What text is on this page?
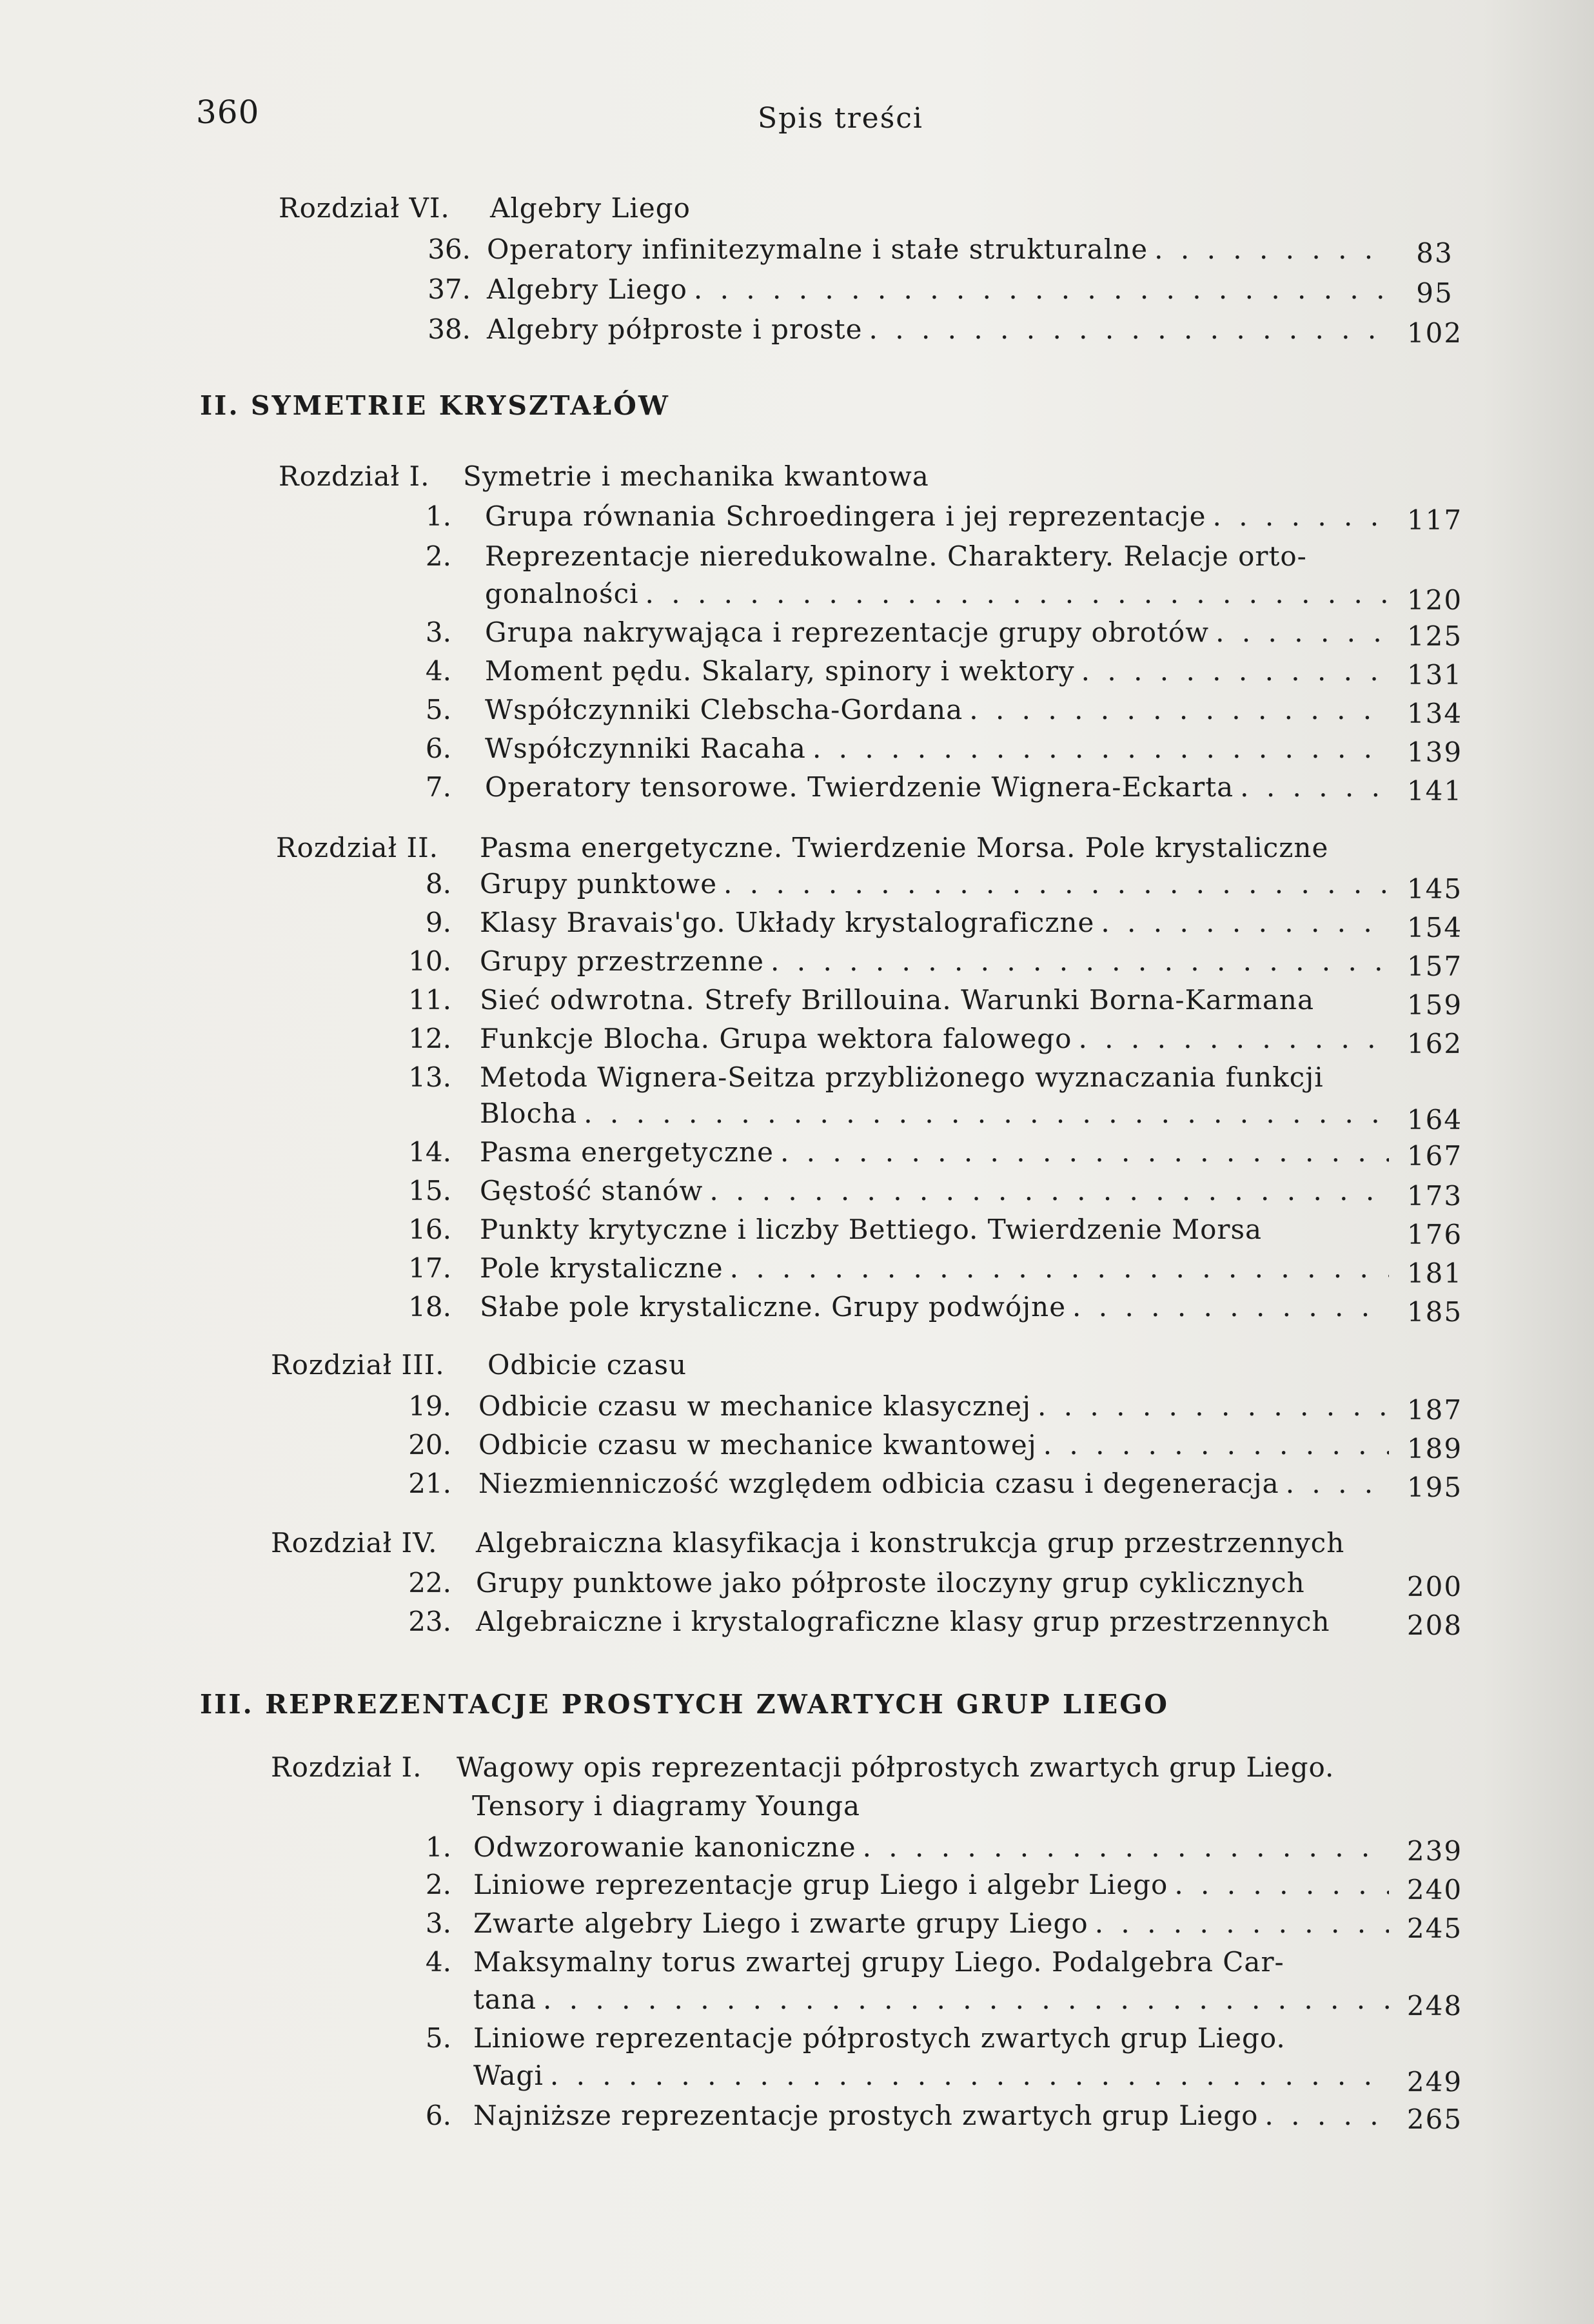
360	Spis treści
Rozdział VI. Algebry Liego
36. Operatory infinitezymalne i stałe strukturalne . . .	83
37. Algebry Liego . . .	95
38. Algebry półproste i proste . . .	102
II. SYMETRIE KRYSZTAŁÓW
Rozdział I. Symetrie i mechanika kwantowa
1. Grupa równania Schroedingera i jej reprezentacje . . .	117
2. Reprezentacje nieredukowalne. Charaktery. Relacje orto-
gonalności . . .	120
3. Grupa nakrywająca i reprezentacje grupy obrotów . . .	125
4. Moment pędu. Skalary, spinory i wektory . . .	131
5. Współczynniki Clebscha-Gordana . . .	134
6. Współczynniki Racaha . . .	139
7. Operatory tensorowe. Twierdzenie Wignera-Eckarta . . .	141
Rozdział II. Pasma energetyczne. Twierdzenie Morsa. Pole krystaliczne
8. Grupy punktowe . . .	145
9. Klasy Bravais'go. Układy krystalograficzne . . .	154
10. Grupy przestrzenne . . .	157
11. Sieć odwrotna. Strefy Brillouina. Warunki Borna-Karmana	159
12. Funkcje Blocha. Grupa wektora falowego . . .	162
13. Metoda Wignera-Seitza przybliżonego wyznaczania funkcji
Blocha . . .	164
14. Pasma energetyczne . . .	167
15. Gęstość stanów . . .	173
16. Punkty krytyczne i liczby Bettiego. Twierdzenie Morsa	176
17. Pole krystaliczne . . .	181
18. Słabe pole krystaliczne. Grupy podwójne . . .	185
Rozdział III. Odbicie czasu
19. Odbicie czasu w mechanice klasycznej . . .	187
20. Odbicie czasu w mechanice kwantowej . . .	189
21. Niezmienniczość względem odbicia czasu i degeneracja . . .	195
Rozdział IV. Algebraiczna klasyfikacja i konstrukcja grup przestrzennych
22. Grupy punktowe jako półproste iloczyny grup cyklicznych	200
23. Algebraiczne i krystalograficzne klasy grup przestrzennych	208
III. REPREZENTACJE PROSTYCH ZWARTYCH GRUP LIEGO
Rozdział I. Wagowy opis reprezentacji półprostych zwartych grup Liego.
Tensory i diagramy Younga
1. Odwzorowanie kanoniczne . . .	239
2. Liniowe reprezentacje grup Liego i algebr Liego . . .	240
3. Zwarte algebry Liego i zwarte grupy Liego . . .	245
4. Maksymalny torus zwartej grupy Liego. Podalgebra Car-
tana . . .	248
5. Liniowe reprezentacje półprostych zwartych grup Liego.
Wagi . . .	249
6. Najniższe reprezentacje prostych zwartych grup Liego . . .	265
